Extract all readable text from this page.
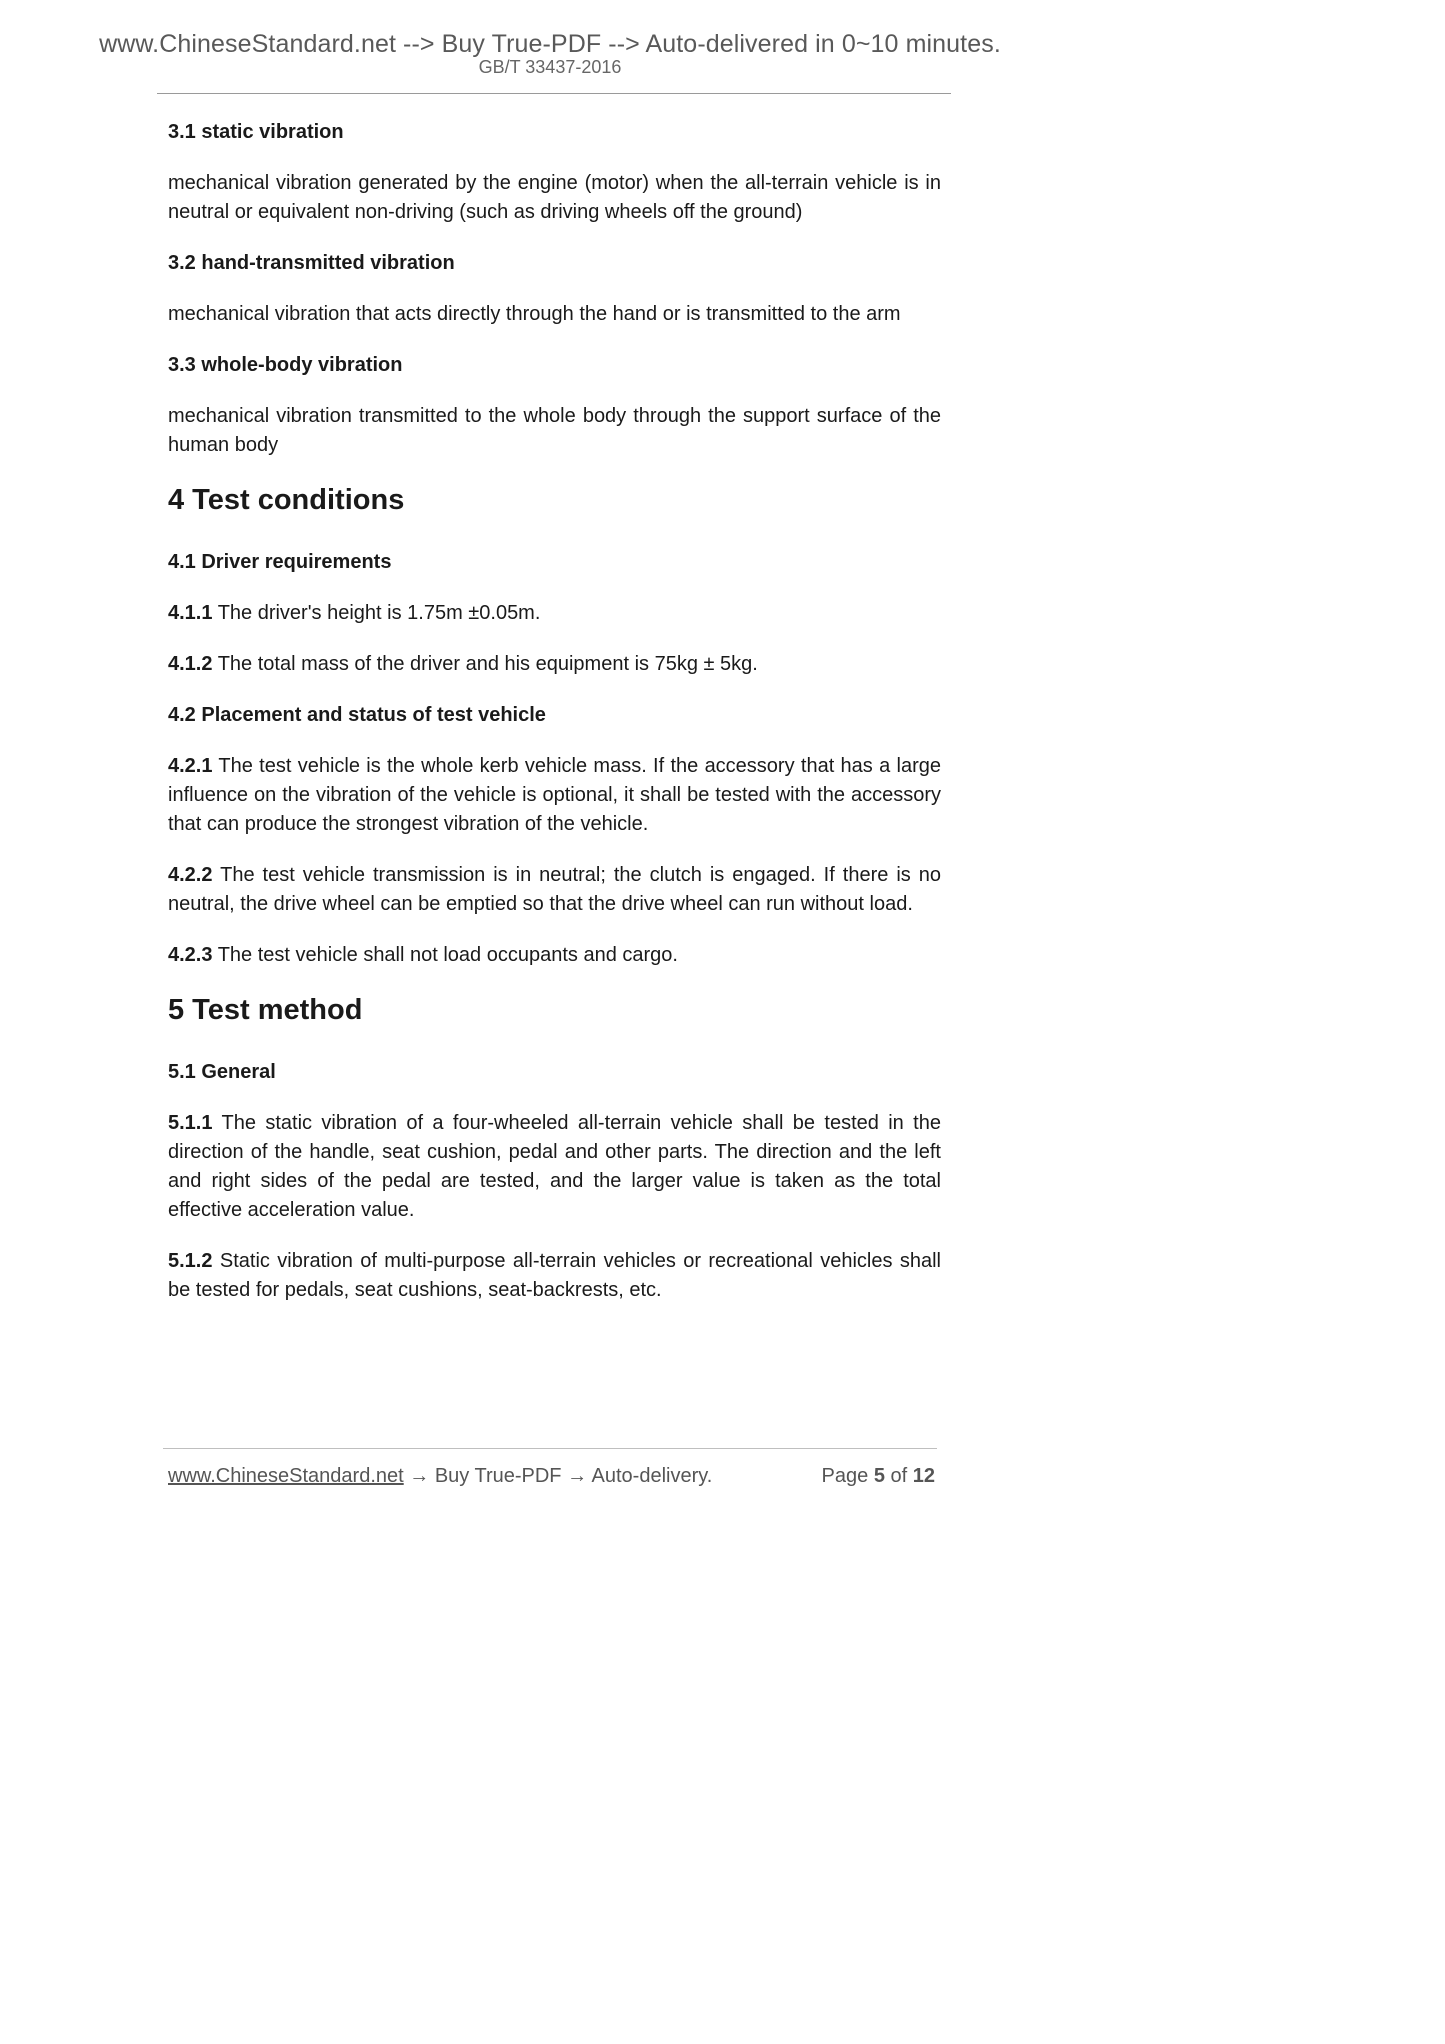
www.ChineseStandard.net --> Buy True-PDF --> Auto-delivered in 0~10 minutes.
GB/T 33437-2016
3.1 static vibration

mechanical vibration generated by the engine (motor) when the all-terrain vehicle is in neutral or equivalent non-driving (such as driving wheels off the ground)

3.2 hand-transmitted vibration

mechanical vibration that acts directly through the hand or is transmitted to the arm

3.3 whole-body vibration

mechanical vibration transmitted to the whole body through the support surface of the human body

4 Test conditions
4.1 Driver requirements

4.1.1 The driver's height is 1.75m ±0.05m.

4.1.2 The total mass of the driver and his equipment is 75kg ± 5kg.

4.2 Placement and status of test vehicle

4.2.1 The test vehicle is the whole kerb vehicle mass. If the accessory that has a large influence on the vibration of the vehicle is optional, it shall be tested with the accessory that can produce the strongest vibration of the vehicle.

4.2.2 The test vehicle transmission is in neutral; the clutch is engaged. If there is no neutral, the drive wheel can be emptied so that the drive wheel can run without load.

4.2.3 The test vehicle shall not load occupants and cargo.

5 Test method
5.1 General

5.1.1 The static vibration of a four-wheeled all-terrain vehicle shall be tested in the direction of the handle, seat cushion, pedal and other parts. The direction and the left and right sides of the pedal are tested, and the larger value is taken as the total effective acceleration value.

5.1.2 Static vibration of multi-purpose all-terrain vehicles or recreational vehicles shall be tested for pedals, seat cushions, seat-backrests, etc.

www.ChineseStandard.net → Buy True-PDF → Auto-delivery.	Page 5 of 12
